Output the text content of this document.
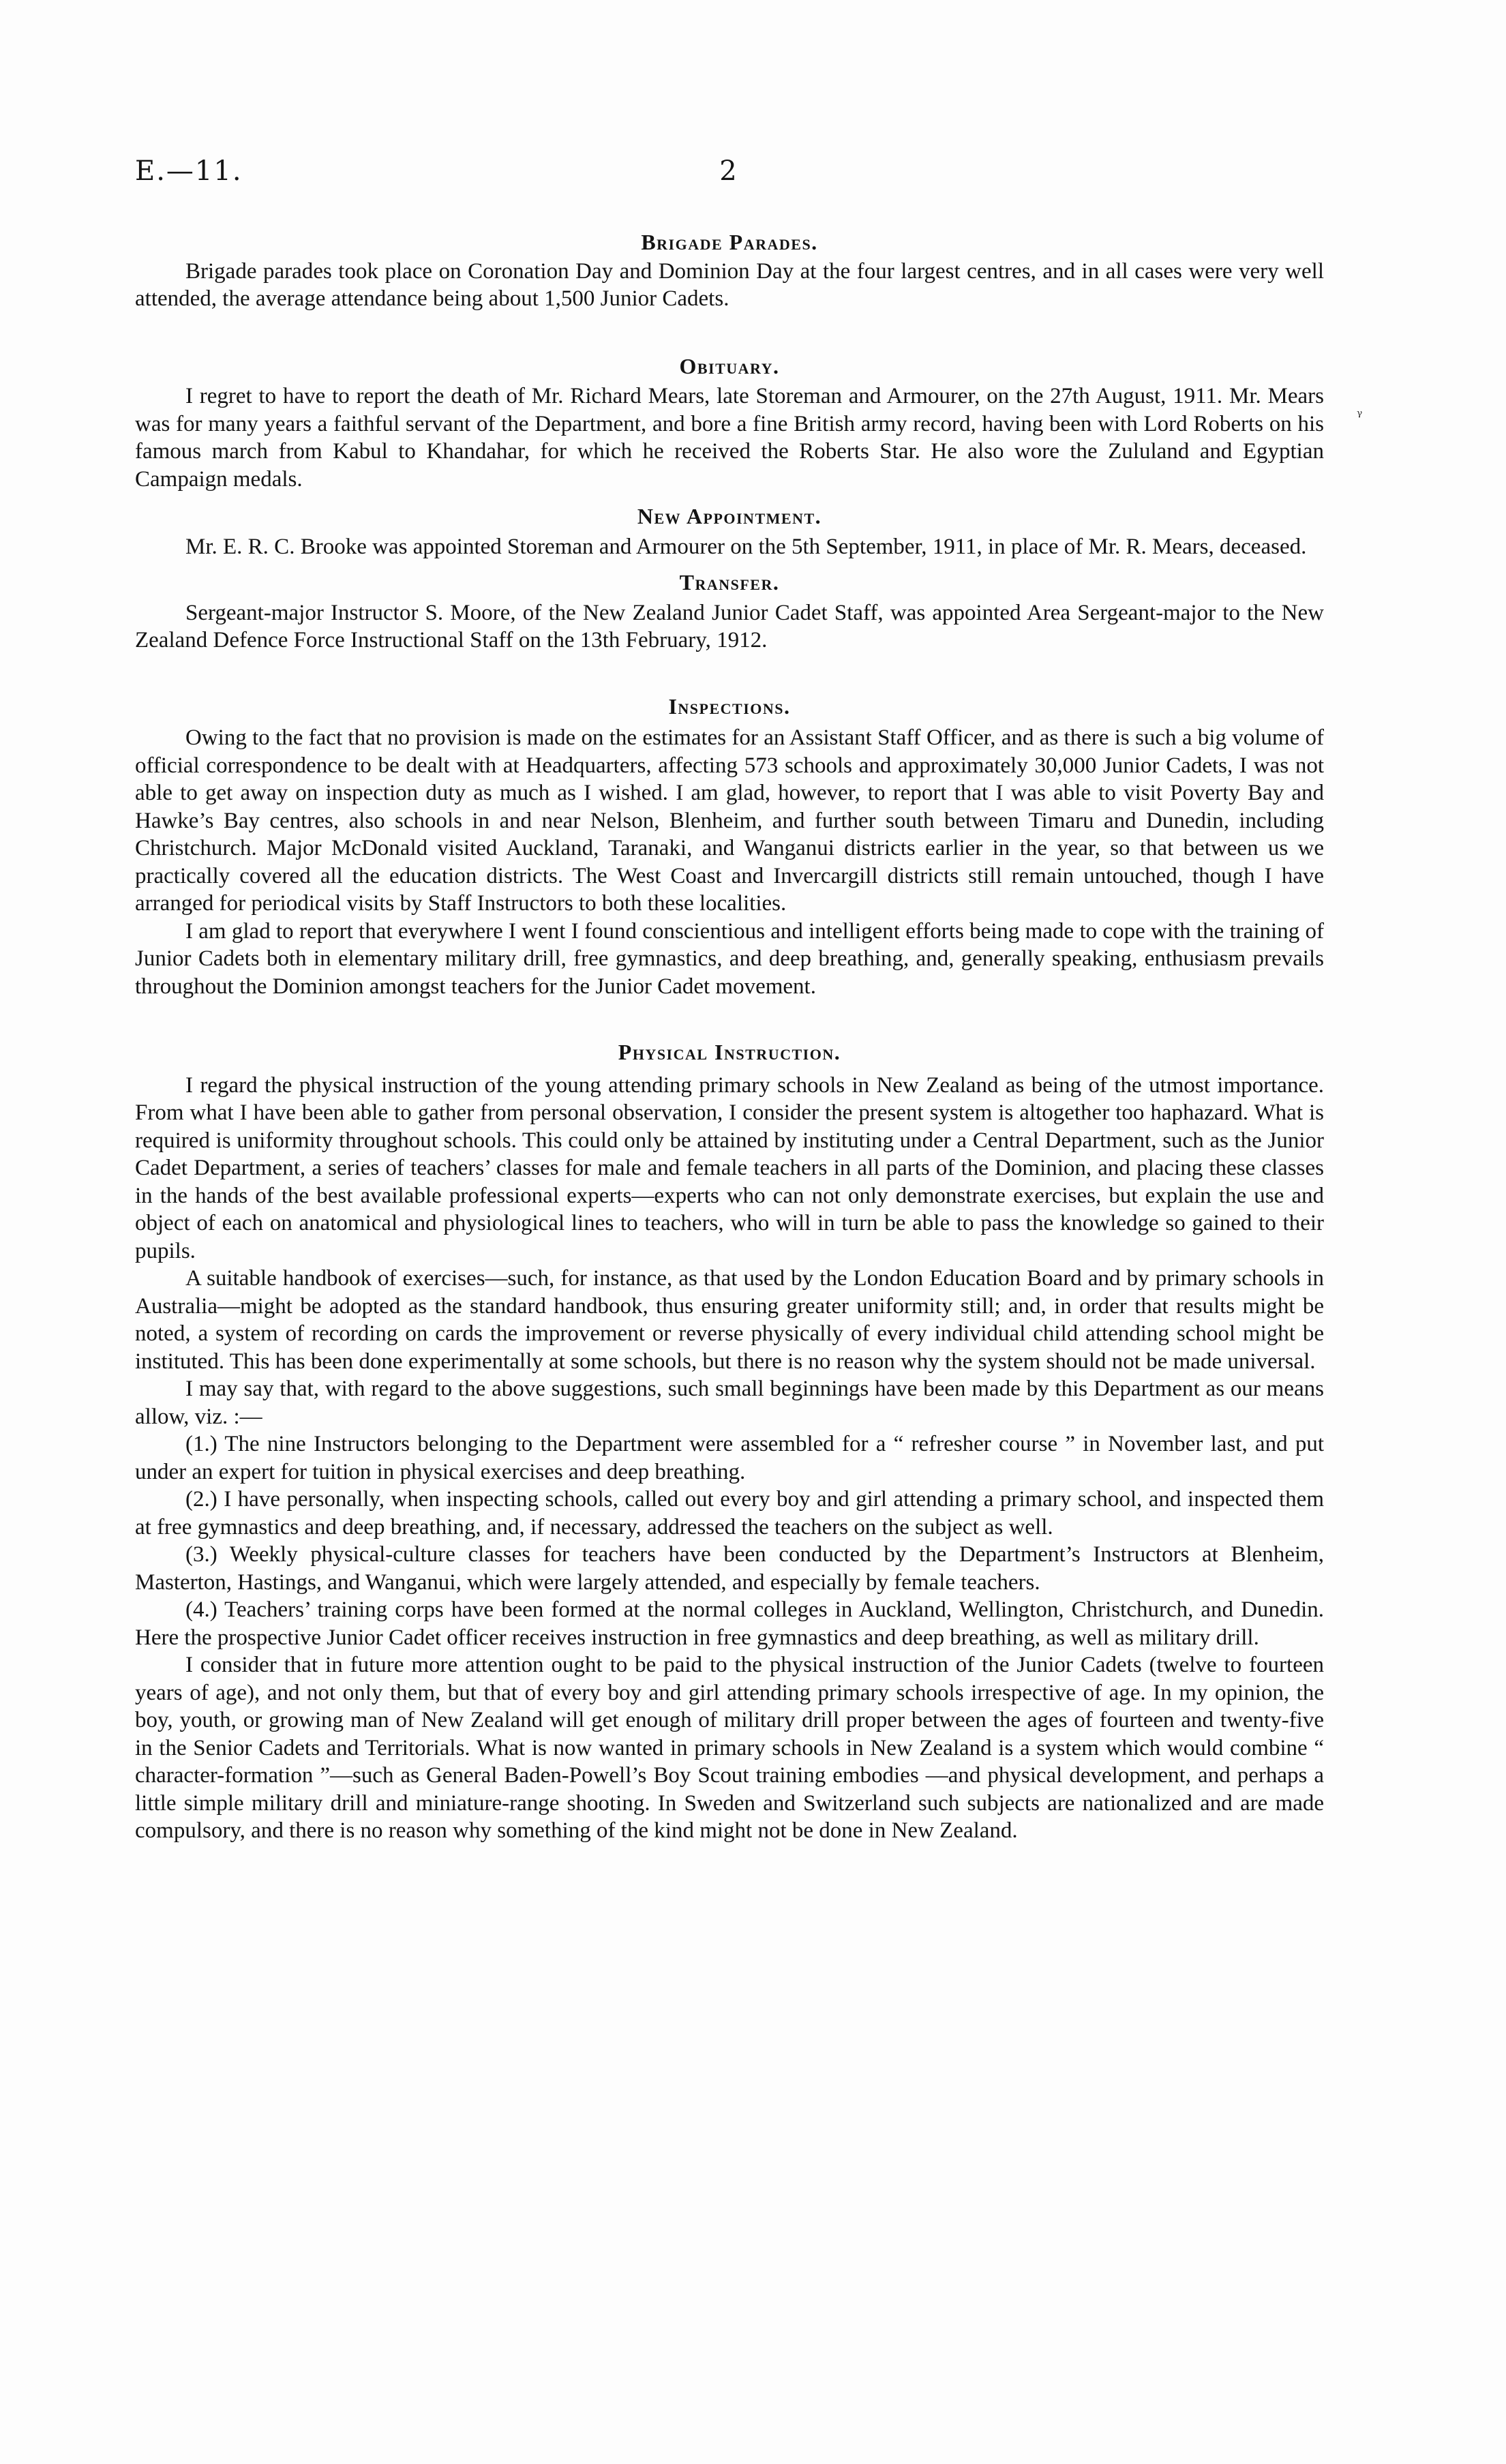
E.—11.	2
ᵞ
Brigade Parades.

Brigade parades took place on Coronation Day and Dominion Day at the four largest centres, and in all cases were very well attended, the average attendance being about 1,500 Junior Cadets.

Obituary.

I regret to have to report the death of Mr. Richard Mears, late Storeman and Armourer, on the 27th August, 1911. Mr. Mears was for many years a faithful servant of the Department, and bore a fine British army record, having been with Lord Roberts on his famous march from Kabul to Khandahar, for which he received the Roberts Star. He also wore the Zululand and Egyptian Campaign medals.

New Appointment.

Mr. E. R. C. Brooke was appointed Storeman and Armourer on the 5th September, 1911, in place of Mr. R. Mears, deceased.

Transfer.

Sergeant-major Instructor S. Moore, of the New Zealand Junior Cadet Staff, was appointed Area Sergeant-major to the New Zealand Defence Force Instructional Staff on the 13th February, 1912.

Inspections.

Owing to the fact that no provision is made on the estimates for an Assistant Staff Officer, and as there is such a big volume of official correspondence to be dealt with at Headquarters, affecting 573 schools and approximately 30,000 Junior Cadets, I was not able to get away on inspection duty as much as I wished. I am glad, however, to report that I was able to visit Poverty Bay and Hawke’s Bay centres, also schools in and near Nelson, Blenheim, and further south between Timaru and Dunedin, including Christchurch. Major McDonald visited Auckland, Taranaki, and Wanganui districts earlier in the year, so that between us we practically covered all the education districts. The West Coast and Invercargill districts still remain untouched, though I have arranged for periodical visits by Staff Instructors to both these localities.

I am glad to report that everywhere I went I found conscientious and intelligent efforts being made to cope with the training of Junior Cadets both in elementary military drill, free gymnastics, and deep breathing, and, generally speaking, enthusiasm prevails throughout the Dominion amongst teachers for the Junior Cadet movement.

Physical Instruction.

I regard the physical instruction of the young attending primary schools in New Zealand as being of the utmost importance. From what I have been able to gather from personal observation, I consider the present system is altogether too haphazard. What is required is uniformity throughout schools. This could only be attained by instituting under a Central Department, such as the Junior Cadet Department, a series of teachers’ classes for male and female teachers in all parts of the Dominion, and placing these classes in the hands of the best available professional experts—experts who can not only demonstrate exercises, but explain the use and object of each on anatomical and physiological lines to teachers, who will in turn be able to pass the knowledge so gained to their pupils.

A suitable handbook of exercises—such, for instance, as that used by the London Education Board and by primary schools in Australia—might be adopted as the standard handbook, thus ensuring greater uniformity still; and, in order that results might be noted, a system of recording on cards the improvement or reverse physically of every individual child attending school might be instituted. This has been done experimentally at some schools, but there is no reason why the system should not be made universal.

I may say that, with regard to the above suggestions, such small beginnings have been made by this Department as our means allow, viz. :—

(1.) The nine Instructors belonging to the Department were assembled for a “ refresher course ” in November last, and put under an expert for tuition in physical exercises and deep breathing.

(2.) I have personally, when inspecting schools, called out every boy and girl attending a primary school, and inspected them at free gymnastics and deep breathing, and, if necessary, addressed the teachers on the subject as well.

(3.) Weekly physical-culture classes for teachers have been conducted by the Department’s Instructors at Blenheim, Masterton, Hastings, and Wanganui, which were largely attended, and especially by female teachers.

(4.) Teachers’ training corps have been formed at the normal colleges in Auckland, Wellington, Christchurch, and Dunedin. Here the prospective Junior Cadet officer receives instruction in free gymnastics and deep breathing, as well as military drill.

I consider that in future more attention ought to be paid to the physical instruction of the Junior Cadets (twelve to fourteen years of age), and not only them, but that of every boy and girl attending primary schools irrespective of age. In my opinion, the boy, youth, or growing man of New Zealand will get enough of military drill proper between the ages of fourteen and twenty-five in the Senior Cadets and Territorials. What is now wanted in primary schools in New Zealand is a system which would combine “ character-formation ”—such as General Baden-Powell’s Boy Scout training embodies —and physical development, and perhaps a little simple military drill and miniature-range shooting. In Sweden and Switzerland such subjects are nationalized and are made compulsory, and there is no reason why something of the kind might not be done in New Zealand.
